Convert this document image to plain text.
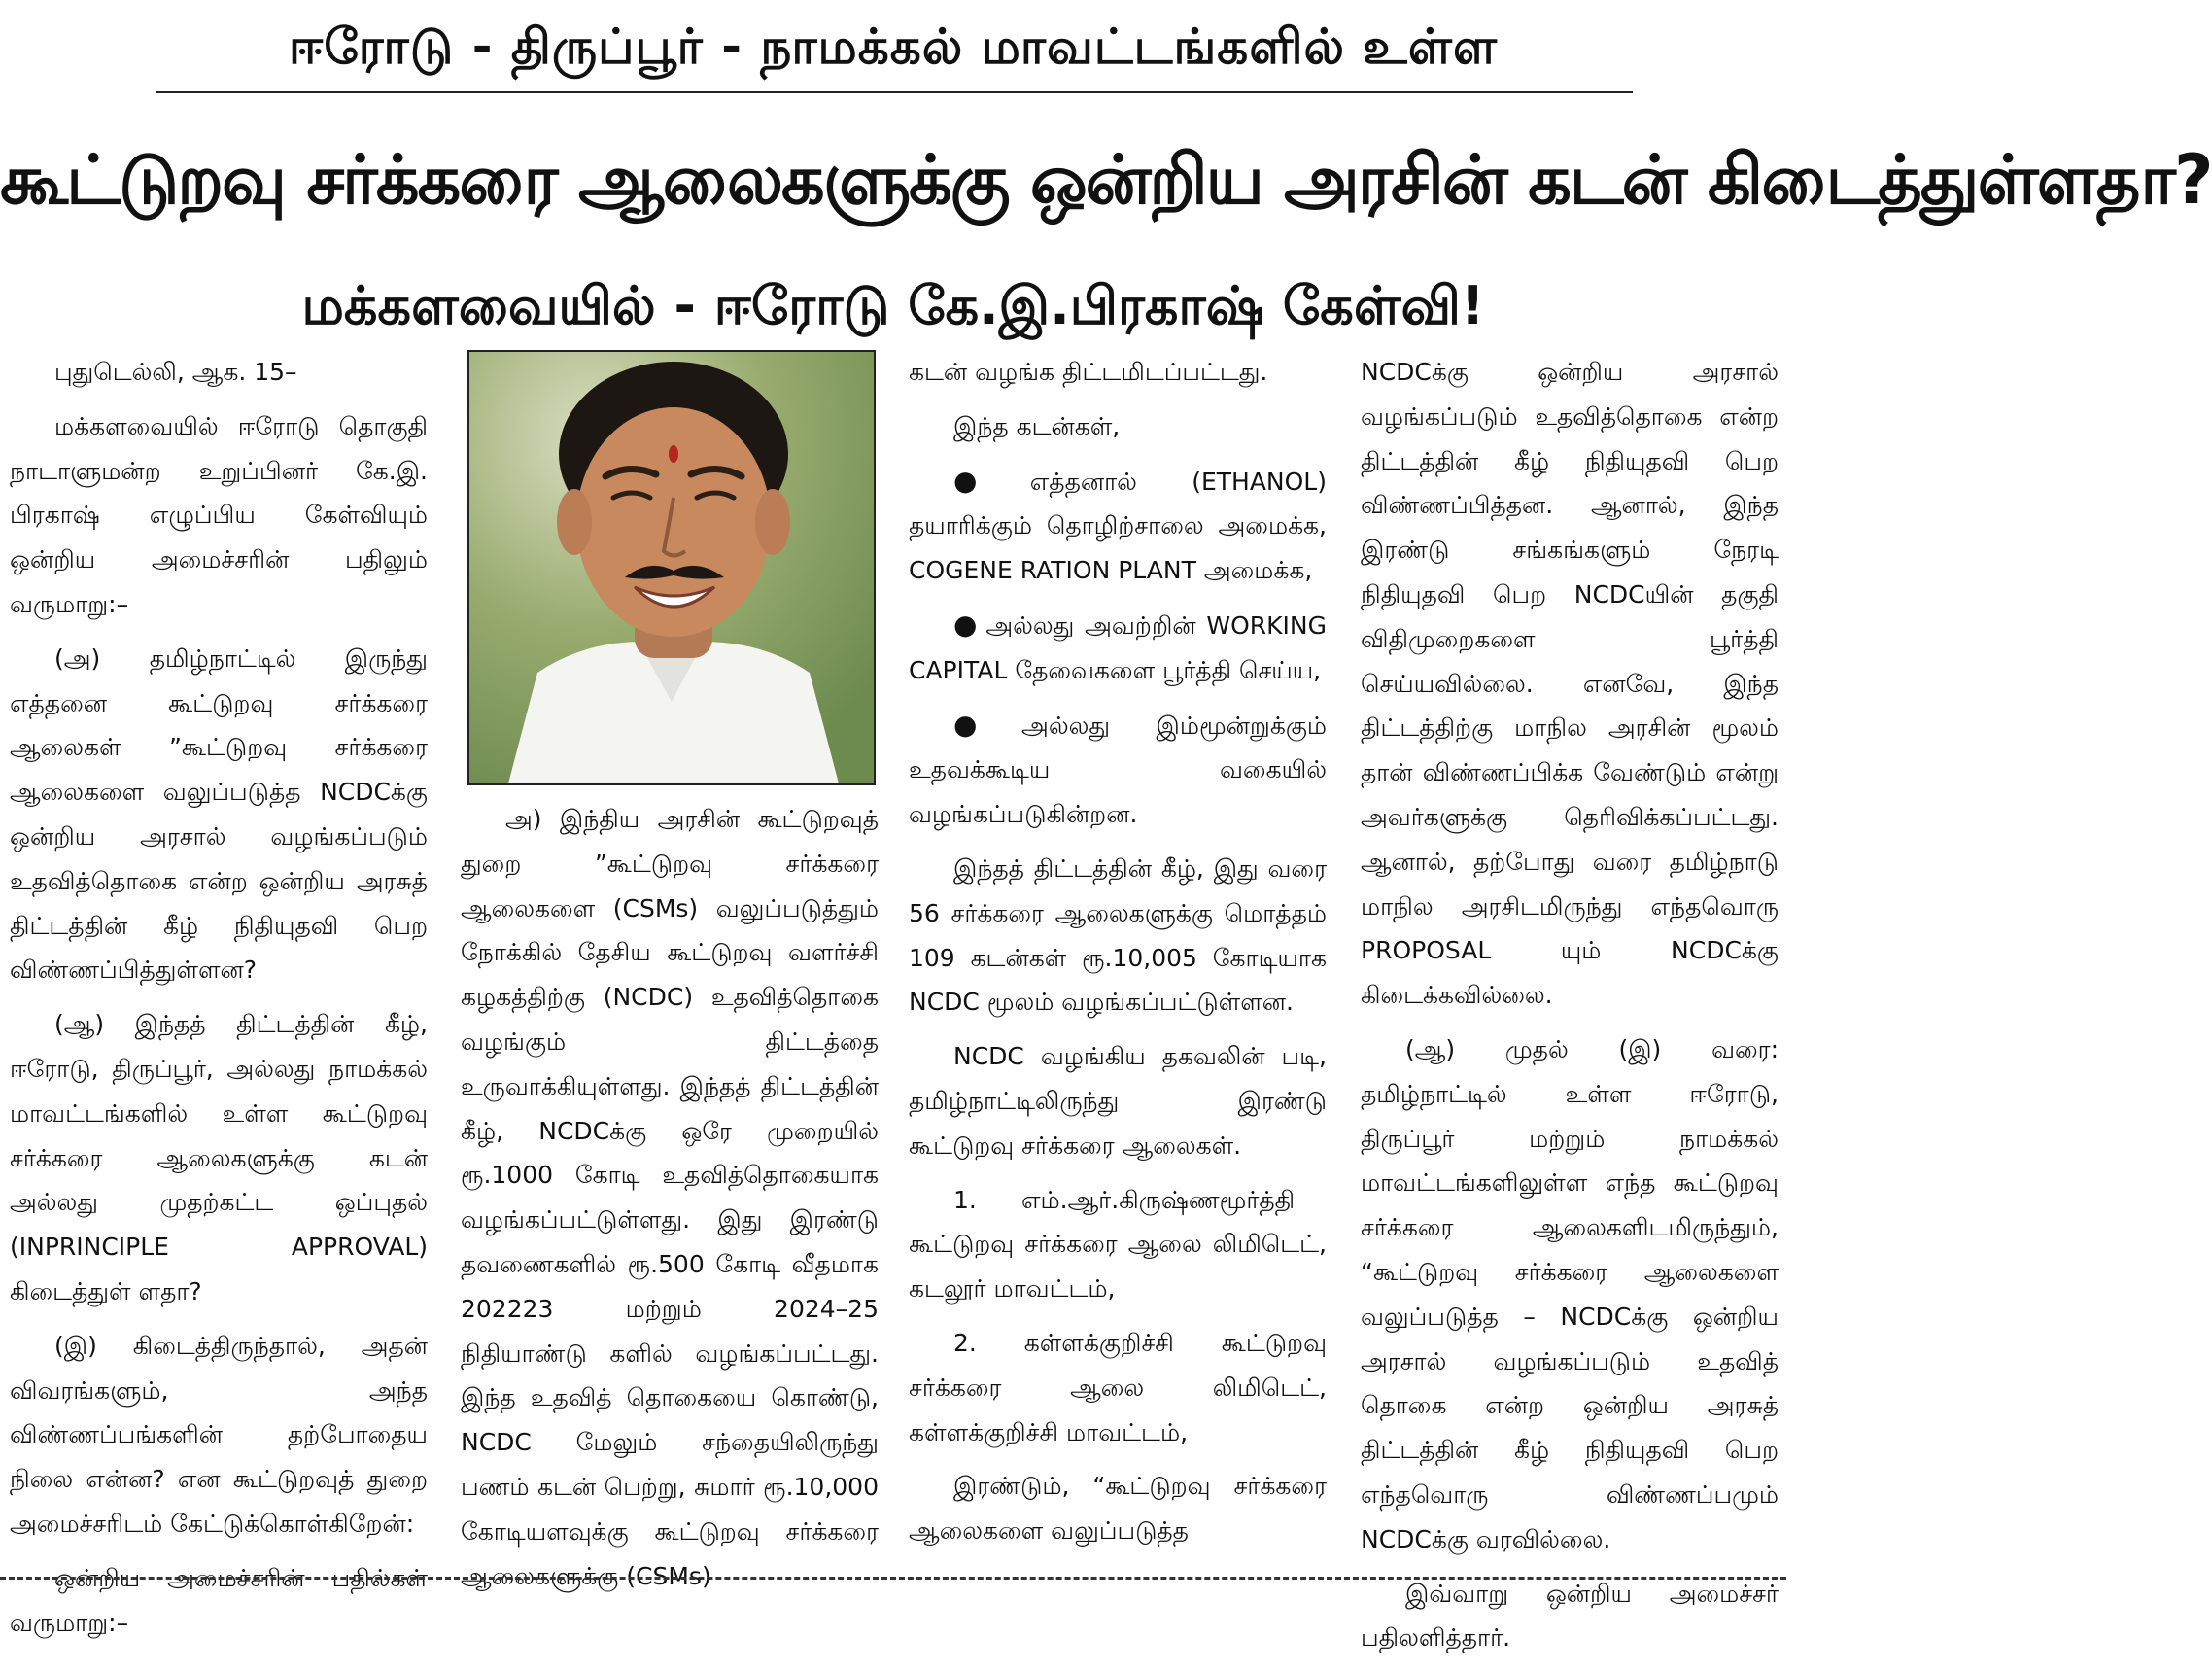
ஈரோடு - திருப்பூர் - நாமக்கல் மாவட்டங்களில் உள்ள
கூட்டுறவு சர்க்கரை ஆலைகளுக்கு ஒன்றிய அரசின் கடன் கிடைத்துள்ளதா?
மக்களவையில் - ஈரோடு கே.இ.பிரகாஷ் கேள்வி!

புதுடெல்லி, ஆக. 15–

மக்களவையில் ஈரோடு தொகுதி நாடாளுமன்ற உறுப்பினர் கே.இ. பிரகாஷ் எழுப்பிய கேள்வியும் ஒன்றிய அமைச்சரின் பதிலும் வருமாறு:–

(அ) தமிழ்நாட்டில் இருந்து எத்தனை கூட்டுறவு சர்க்கரை ஆலைகள் ”கூட்டுறவு சர்க்கரை ஆலைகளை வலுப்படுத்த NCDCக்கு ஒன்றிய அரசால் வழங்கப்படும் உதவித்தொகை என்ற ஒன்றிய அரசுத் திட்டத்தின் கீழ் நிதியுதவி பெற விண்ணப்பித்துள்ளன?

(ஆ) இந்தத் திட்டத்தின் கீழ், ஈரோடு, திருப்பூர், அல்லது நாமக்கல் மாவட்டங்களில் உள்ள கூட்டுறவு சர்க்கரை ஆலைகளுக்கு கடன் அல்லது முதற்கட்ட ஒப்புதல் (INPRINCIPLE APPROVAL) கிடைத்துள் ளதா?

(இ) கிடைத்திருந்தால், அதன் விவரங்களும், அந்த விண்ணப்பங்களின் தற்போதைய நிலை என்ன? என கூட்டுறவுத் துறை அமைச்சரிடம் கேட்டுக்கொள்கிறேன்:

ஒன்றிய அமைச்சரின் பதில்கள் வருமாறு:–

அ) இந்திய அரசின் கூட்டுறவுத் துறை ”கூட்டுறவு சர்க்கரை ஆலைகளை (CSMs) வலுப்படுத்தும் நோக்கில் தேசிய கூட்டுறவு வளர்ச்சி கழகத்திற்கு (NCDC) உதவித்தொகை வழங்கும் திட்டத்தை உருவாக்கியுள்ளது. இந்தத் திட்டத்தின் கீழ், NCDCக்கு ஒரே முறையில் ரூ.1000 கோடி உதவித்தொகையாக வழங்கப்பட்டுள்ளது. இது இரண்டு தவணைகளில் ரூ.500 கோடி வீதமாக 202223 மற்றும் 2024–25 நிதியாண்டு களில் வழங்கப்பட்டது. இந்த உதவித் தொகையை கொண்டு, NCDC மேலும் சந்தையிலிருந்து பணம் கடன் பெற்று, சுமார் ரூ.10,000 கோடியளவுக்கு கூட்டுறவு சர்க்கரை ஆலைகளுக்கு (CSMs)

கடன் வழங்க திட்டமிடப்பட்டது.

இந்த கடன்கள்,

● எத்தனால் (ETHANOL) தயாரிக்கும் தொழிற்சாலை அமைக்க, COGENE RATION PLANT அமைக்க,

● அல்லது அவற்றின் WORKING CAPITAL தேவைகளை பூர்த்தி செய்ய,

● அல்லது இம்மூன்றுக்கும் உதவக்கூடிய வகையில் வழங்கப்படுகின்றன.

இந்தத் திட்டத்தின் கீழ், இது வரை 56 சர்க்கரை ஆலைகளுக்கு மொத்தம் 109 கடன்கள் ரூ.10,005 கோடியாக NCDC மூலம் வழங்கப்பட்டுள்ளன.

NCDC வழங்கிய தகவலின் படி, தமிழ்நாட்டிலிருந்து இரண்டு கூட்டுறவு சர்க்கரை ஆலைகள்.

1. எம்.ஆர்.கிருஷ்ணமூர்த்தி கூட்டுறவு சர்க்கரை ஆலை லிமிடெட், கடலூர் மாவட்டம்,

2. கள்ளக்குறிச்சி கூட்டுறவு சர்க்கரை ஆலை லிமிடெட், கள்ளக்குறிச்சி மாவட்டம்,

இரண்டும், “கூட்டுறவு சர்க்கரை ஆலைகளை வலுப்படுத்த

NCDCக்கு ஒன்றிய அரசால் வழங்கப்படும் உதவித்தொகை என்ற திட்டத்தின் கீழ் நிதியுதவி பெற விண்ணப்பித்தன. ஆனால், இந்த இரண்டு சங்கங்களும் நேரடி நிதியுதவி பெற NCDCயின் தகுதி விதிமுறைகளை பூர்த்தி செய்யவில்லை. எனவே, இந்த திட்டத்திற்கு மாநில அரசின் மூலம் தான் விண்ணப்பிக்க வேண்டும் என்று அவர்களுக்கு தெரிவிக்கப்பட்டது. ஆனால், தற்போது வரை தமிழ்நாடு மாநில அரசிடமிருந்து எந்தவொரு PROPOSAL யும் NCDCக்கு கிடைக்கவில்லை.

(ஆ) முதல் (இ) வரை: தமிழ்நாட்டில் உள்ள ஈரோடு, திருப்பூர் மற்றும் நாமக்கல் மாவட்டங்களிலுள்ள எந்த கூட்டுறவு சர்க்கரை ஆலைகளிடமிருந்தும், “கூட்டுறவு சர்க்கரை ஆலைகளை வலுப்படுத்த – NCDCக்கு ஒன்றிய அரசால் வழங்கப்படும் உதவித் தொகை என்ற ஒன்றிய அரசுத் திட்டத்தின் கீழ் நிதியுதவி பெற எந்தவொரு விண்ணப்பமும் NCDCக்கு வரவில்லை.

இவ்வாறு ஒன்றிய அமைச்சர் பதிலளித்தார்.
